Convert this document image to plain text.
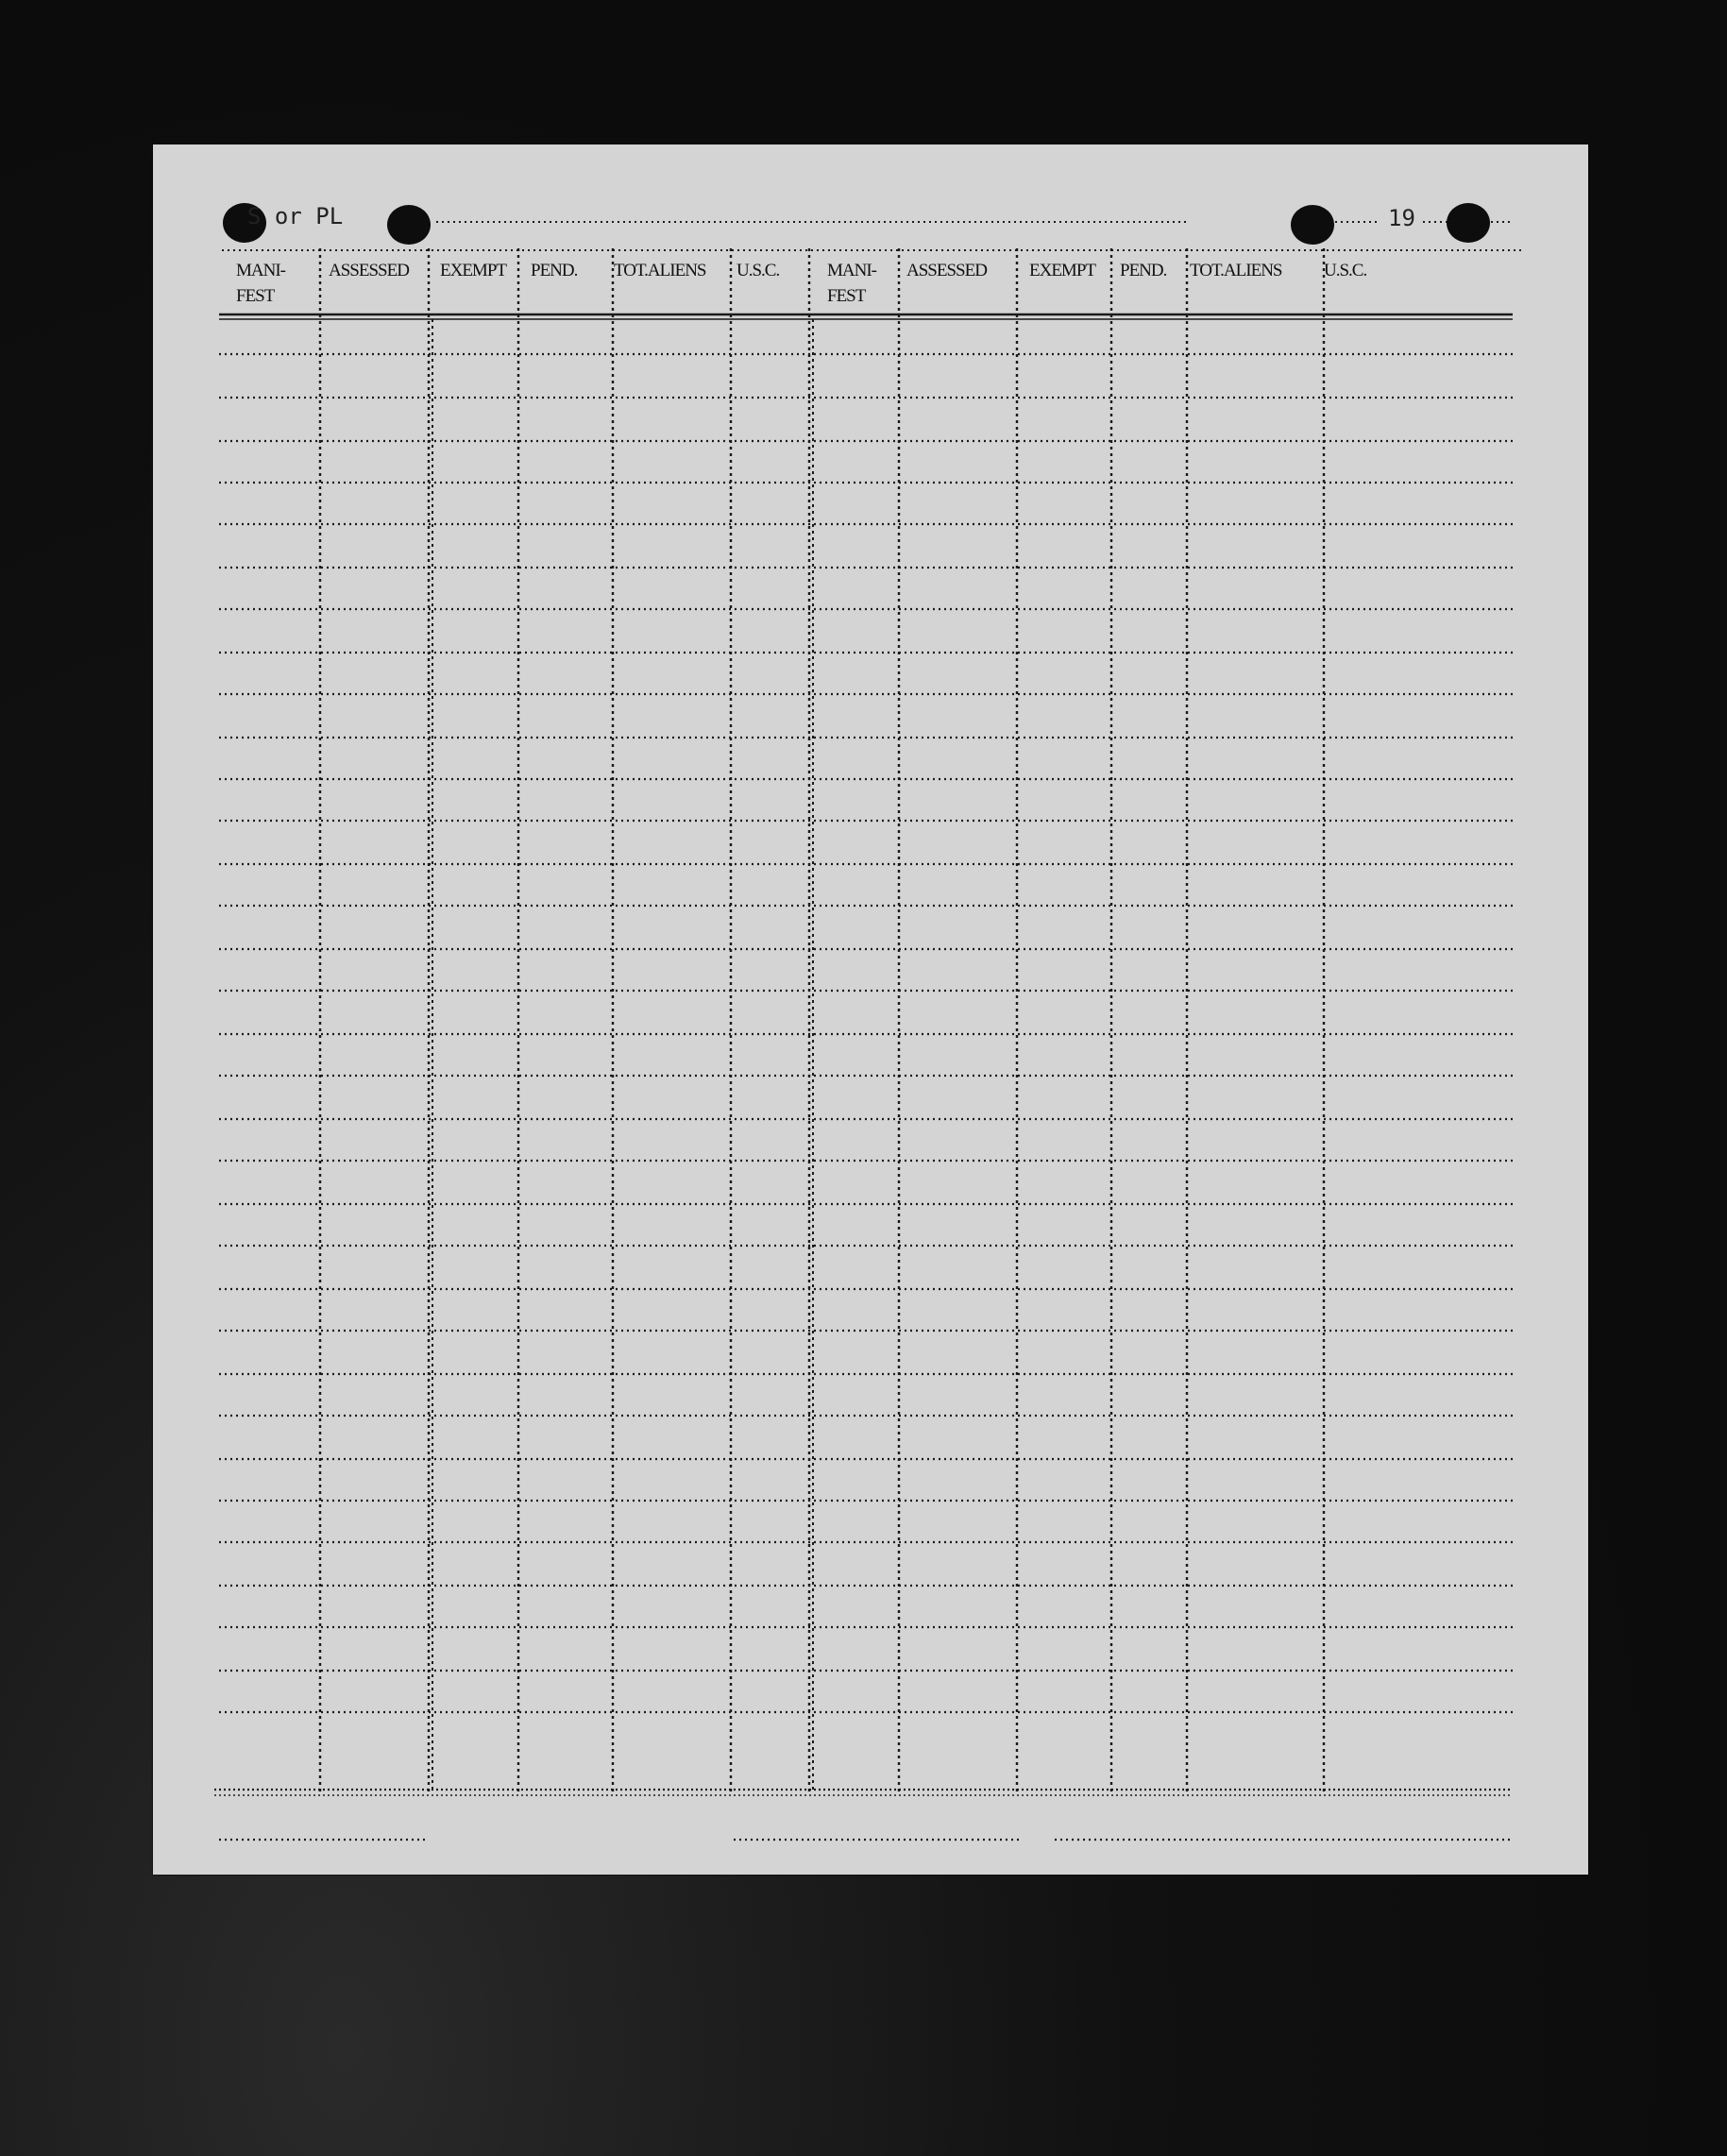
S or PL	19
MANI-
FEST
ASSESSED EXEMPT PEND. TOT.ALIENS U.S.C.	MANI-
FEST
ASSESSED EXEMPT PEND. TOT.ALIENS U.S.C.
